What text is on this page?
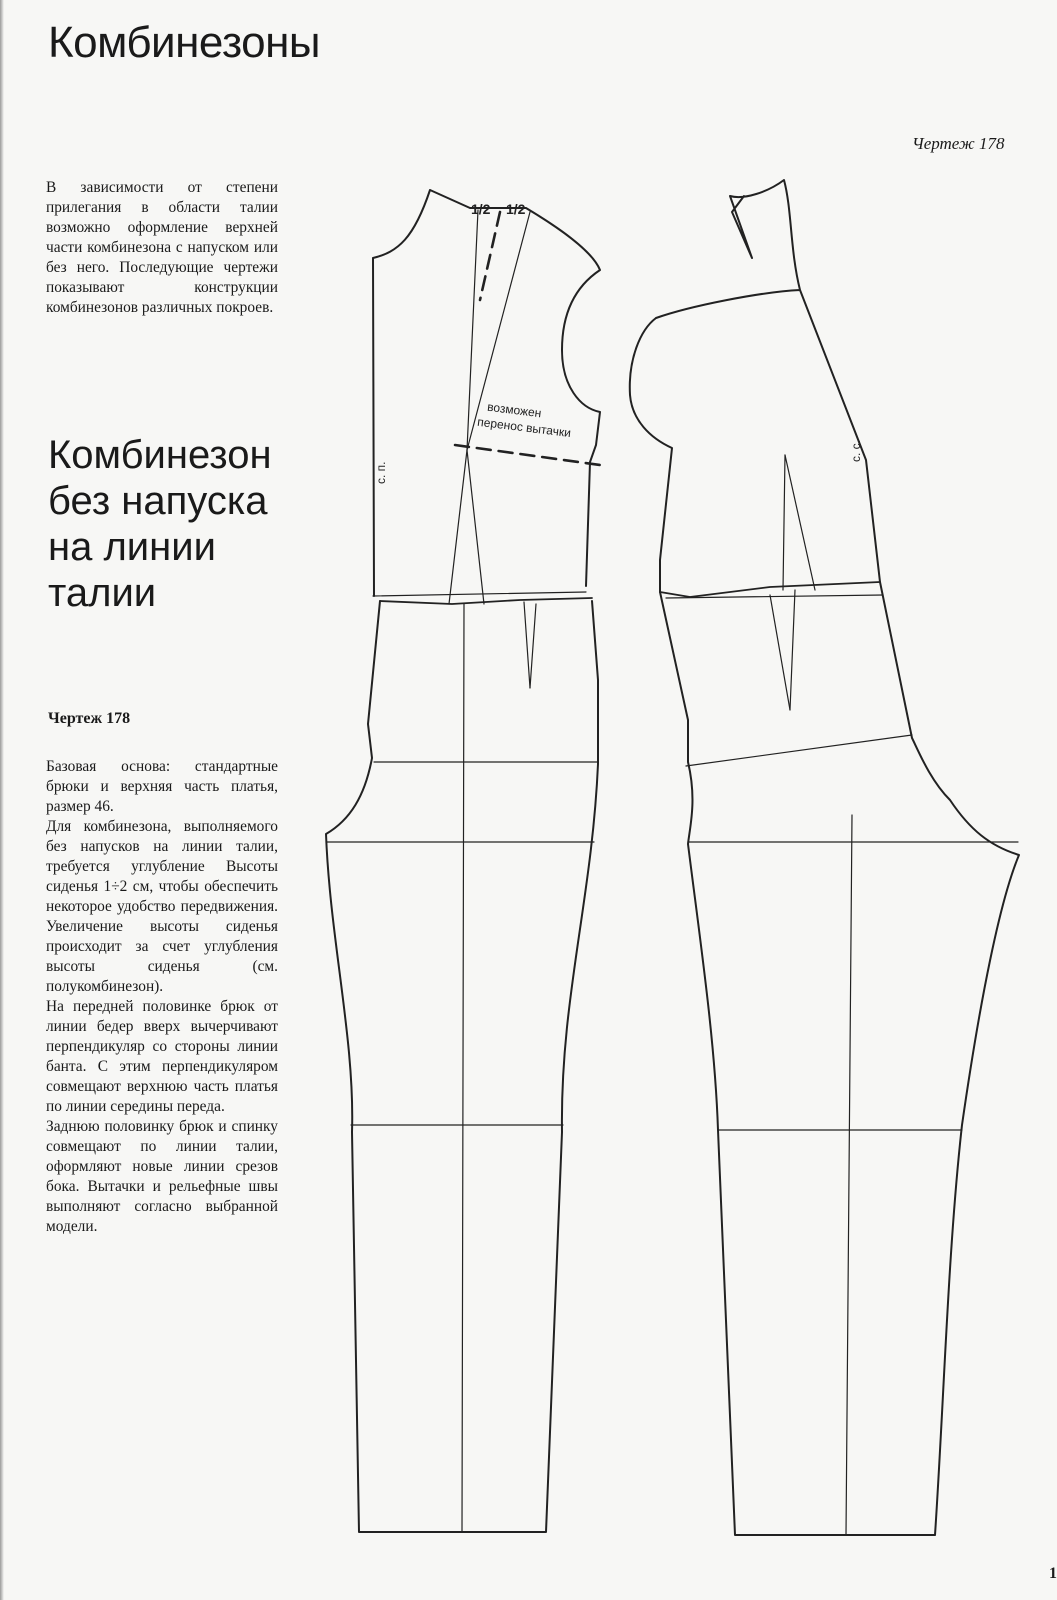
Комбинезоны
Чертеж 178

В зависимости от степени прилегания в области талии возможно оформление верхней части комбинезона с напуском или без него. Последующие чертежи показывают конструкции комбинезонов различных покроев.

Комбинезон
без напуска
на линии
талии
Чертеж 178

Базовая основа: стандартные брюки и верхняя часть платья, размер 46.

Для комбинезона, выполняемого без напусков на линии талии, требуется углубление Высоты сиденья 1÷2 см, чтобы обеспечить некоторое удобство передвижения. Увеличение высоты сиденья происходит за счет углубления высоты сиденья (см. полукомбинезон).

На передней половинке брюк от линии бедер вверх вычерчивают перпендикуляр со стороны линии банта. С этим перпендикуляром совмещают верхнюю часть платья по линии середины переда.

Заднюю половинку брюк и спинку совмещают по линии талии, оформляют новые линии срезов бока. Вытачки и рельефные швы выполняют согласно выбранной модели.

1/2 1/2
возможен
перенос вытачки
с. п.
с. с.
1
